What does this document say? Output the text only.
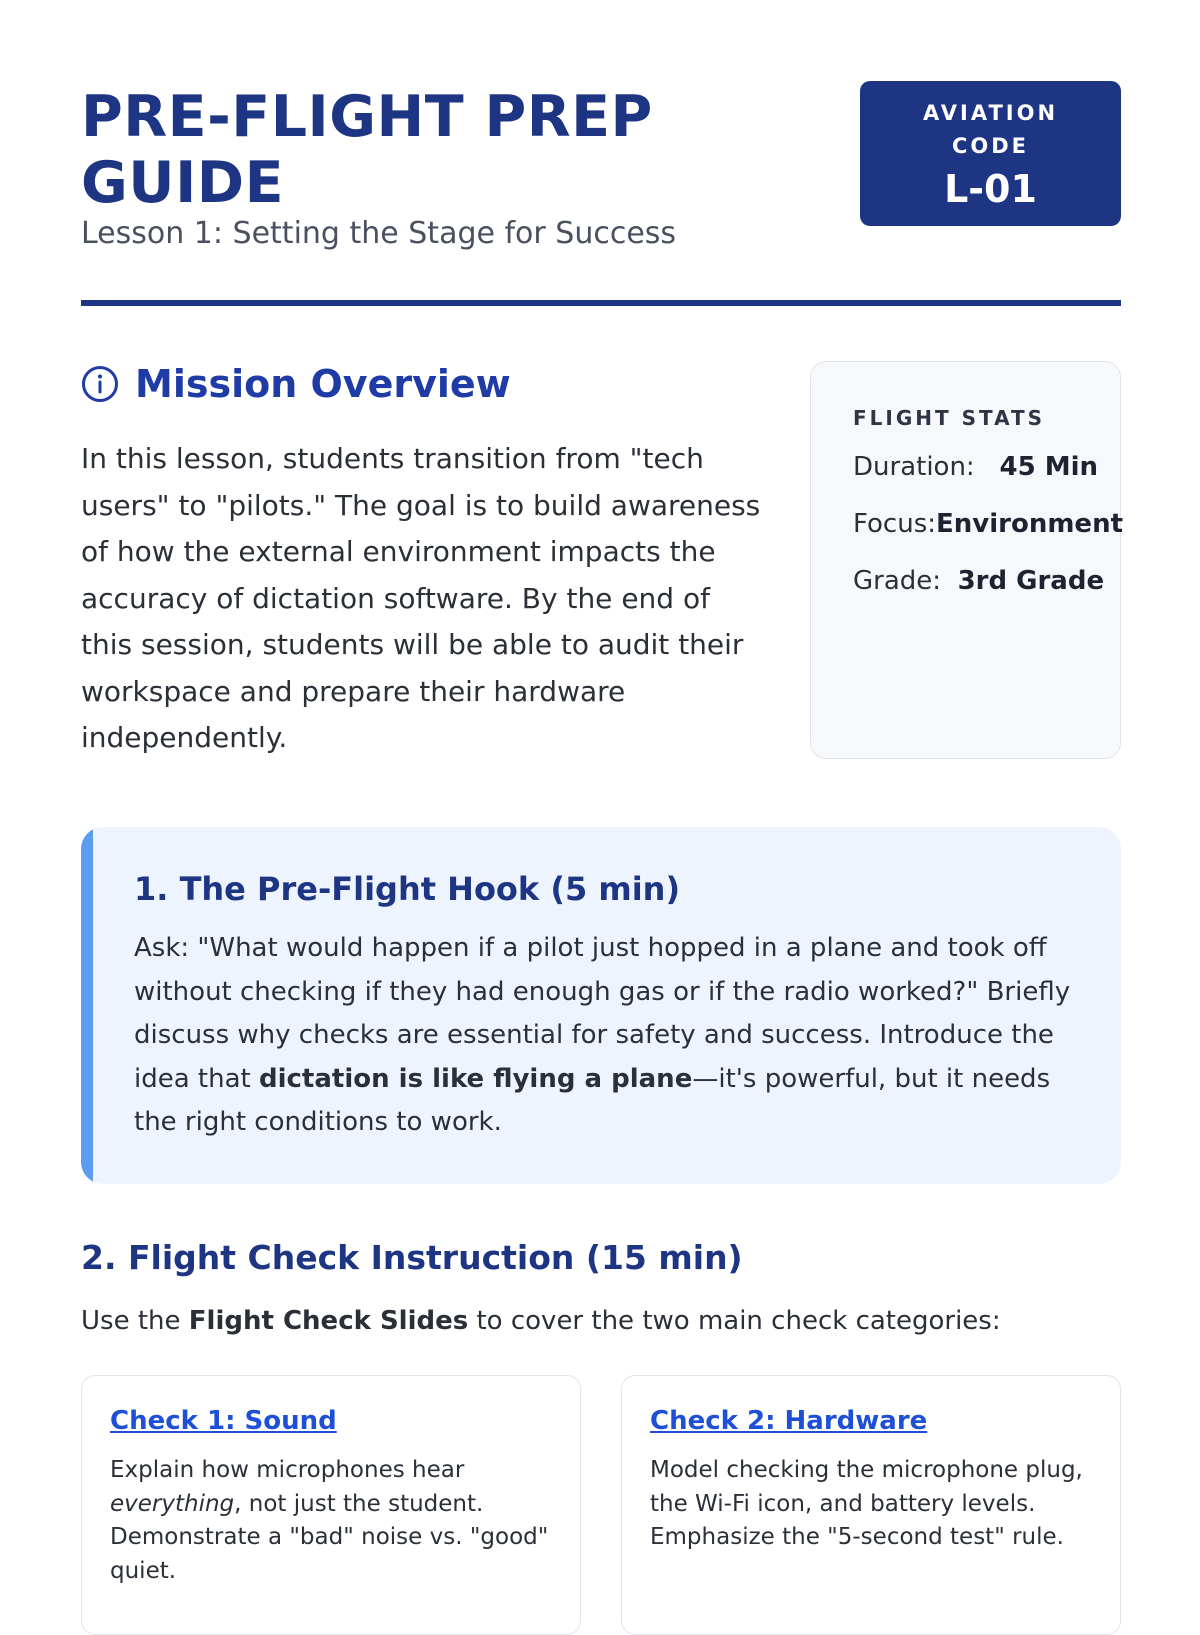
PRE-FLIGHT PREP GUIDE

Lesson 1: Setting the Stage for Success

AVIATION CODE
L-01
Mission Overview

In this lesson, students transition from "tech users" to "pilots." The goal is to build awareness of how the external environment impacts the accuracy of dictation software. By the end of this session, students will be able to audit their workspace and prepare their hardware independently.

FLIGHT STATS
Duration: 45 Min
Focus:Environment
Grade: 3rd Grade
1. The Pre-Flight Hook (5 min)

Ask: "What would happen if a pilot just hopped in a plane and took off without checking if they had enough gas or if the radio worked?" Briefly discuss why checks are essential for safety and success. Introduce the idea that dictation is like flying a plane—it's powerful, but it needs the right conditions to work.

2. Flight Check Instruction (15 min)

Use the Flight Check Slides to cover the two main check categories:

Check 1: Sound

Explain how microphones hear everything, not just the student. Demonstrate a "bad" noise vs. "good" quiet.

Check 2: Hardware

Model checking the microphone plug, the Wi-Fi icon, and battery levels. Emphasize the "5-second test" rule.
